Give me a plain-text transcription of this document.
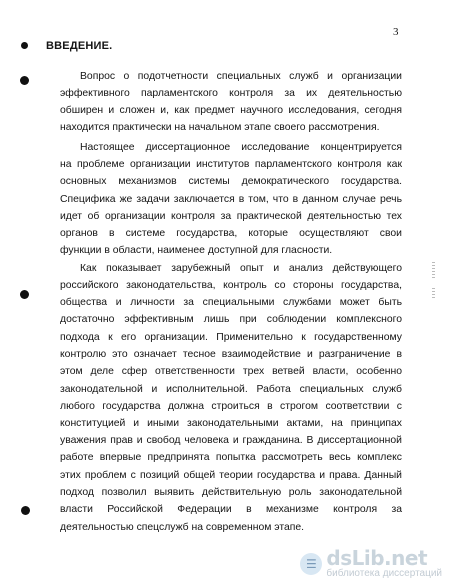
3
ВВЕДЕНИЕ.
Вопрос о подотчетности специальных служб и организации
эффективного парламентского контроля за их деятельностью
обширен и сложен и, как предмет научного исследования, сегодня
находится практически на начальном этапе своего рассмотрения.
Настоящее диссертационное исследование концентрируется
на проблеме организации институтов парламентского контроля как
основных механизмов системы демократического государства.
Специфика же задачи заключается в том, что в данном случае речь
идет об организации контроля за практической деятельностью тех
органов в системе государства, которые осуществляют свои
функции в области, наименее доступной для гласности.
Как показывает зарубежный опыт и анализ действующего
российского законодательства, контроль со стороны государства,
общества и личности за специальными службами может быть
достаточно эффективным лишь при соблюдении комплексного
подхода к его организации. Применительно к государственному
контролю это означает тесное взаимодействие и разграничение в
этом деле сфер ответственности трех ветвей власти, особенно
законодательной и исполнительной. Работа специальных служб
любого государства должна строиться в строгом соответствии с
конституцией и иными законодательными актами, на принципах
уважения прав и свобод человека и гражданина. В диссертационной
работе впервые предпринята попытка рассмотреть весь комплекс
этих проблем с позиций общей теории государства и права. Данный
подход позволил выявить действительную роль законодательной
власти Российской Федерации в механизме контроля за
деятельностью спецслужб на современном этапе.
☰ dsLib.net
библиотека диссертаций
